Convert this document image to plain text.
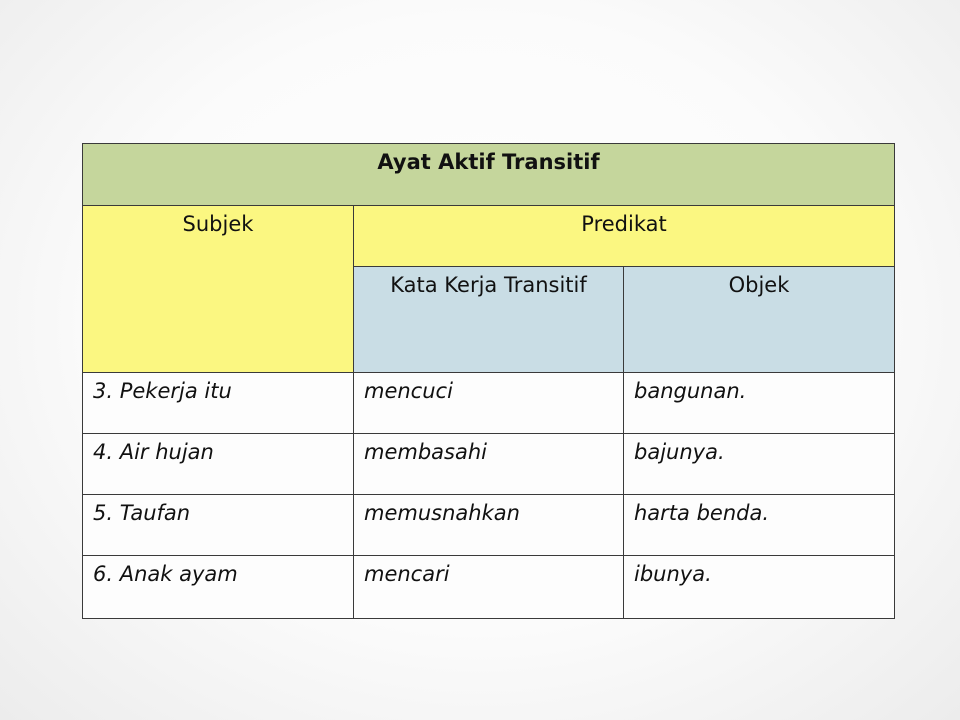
Ayat Aktif Transitif		

Subjek	Predikat	

	Kata Kerja Transitif	Objek

3. Pekerja itu	mencuci	bangunan.

4. Air hujan	membasahi	bajunya.

5. Taufan	memusnahkan	harta benda.

6. Anak ayam	mencari	ibunya.
